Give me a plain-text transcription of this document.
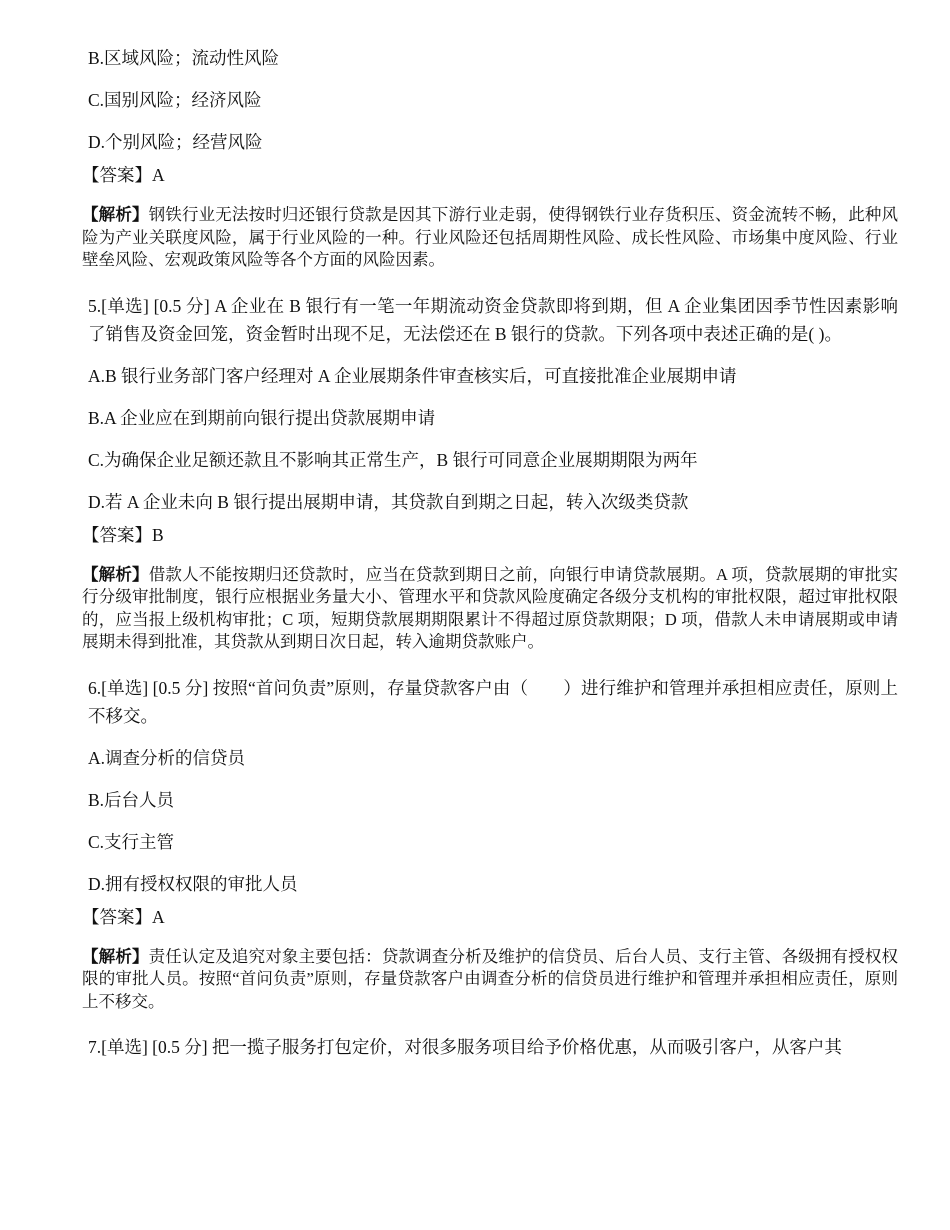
B.区域风险；流动性风险

C.国别风险；经济风险

D.个别风险；经营风险

【答案】A

【解析】钢铁行业无法按时归还银行贷款是因其下游行业走弱，使得钢铁行业存货积压、资金流转不畅，此种风险为产业关联度风险，属于行业风险的一种。行业风险还包括周期性风险、成长性风险、市场集中度风险、行业壁垒风险、宏观政策风险等各个方面的风险因素。

5.[单选] [0.5 分] A 企业在 B 银行有一笔一年期流动资金贷款即将到期，但 A 企业集团因季节性因素影响了销售及资金回笼，资金暂时出现不足，无法偿还在 B 银行的贷款。下列各项中表述正确的是( )。

A.B 银行业务部门客户经理对 A 企业展期条件审查核实后，可直接批准企业展期申请

B.A 企业应在到期前向银行提出贷款展期申请

C.为确保企业足额还款且不影响其正常生产，B 银行可同意企业展期期限为两年

D.若 A 企业未向 B 银行提出展期申请，其贷款自到期之日起，转入次级类贷款

【答案】B

【解析】借款人不能按期归还贷款时，应当在贷款到期日之前，向银行申请贷款展期。A 项，贷款展期的审批实行分级审批制度，银行应根据业务量大小、管理水平和贷款风险度确定各级分支机构的审批权限，超过审批权限的，应当报上级机构审批；C 项，短期贷款展期期限累计不得超过原贷款期限；D 项，借款人未申请展期或申请展期未得到批准，其贷款从到期日次日起，转入逾期贷款账户。

6.[单选] [0.5 分] 按照“首问负责”原则，存量贷款客户由（　　）进行维护和管理并承担相应责任，原则上不移交。

A.调查分析的信贷员

B.后台人员

C.支行主管

D.拥有授权权限的审批人员

【答案】A

【解析】责任认定及追究对象主要包括：贷款调查分析及维护的信贷员、后台人员、支行主管、各级拥有授权权限的审批人员。按照“首问负责”原则，存量贷款客户由调查分析的信贷员进行维护和管理并承担相应责任，原则上不移交。

7.[单选] [0.5 分] 把一揽子服务打包定价，对很多服务项目给予价格优惠，从而吸引客户，从客户其
